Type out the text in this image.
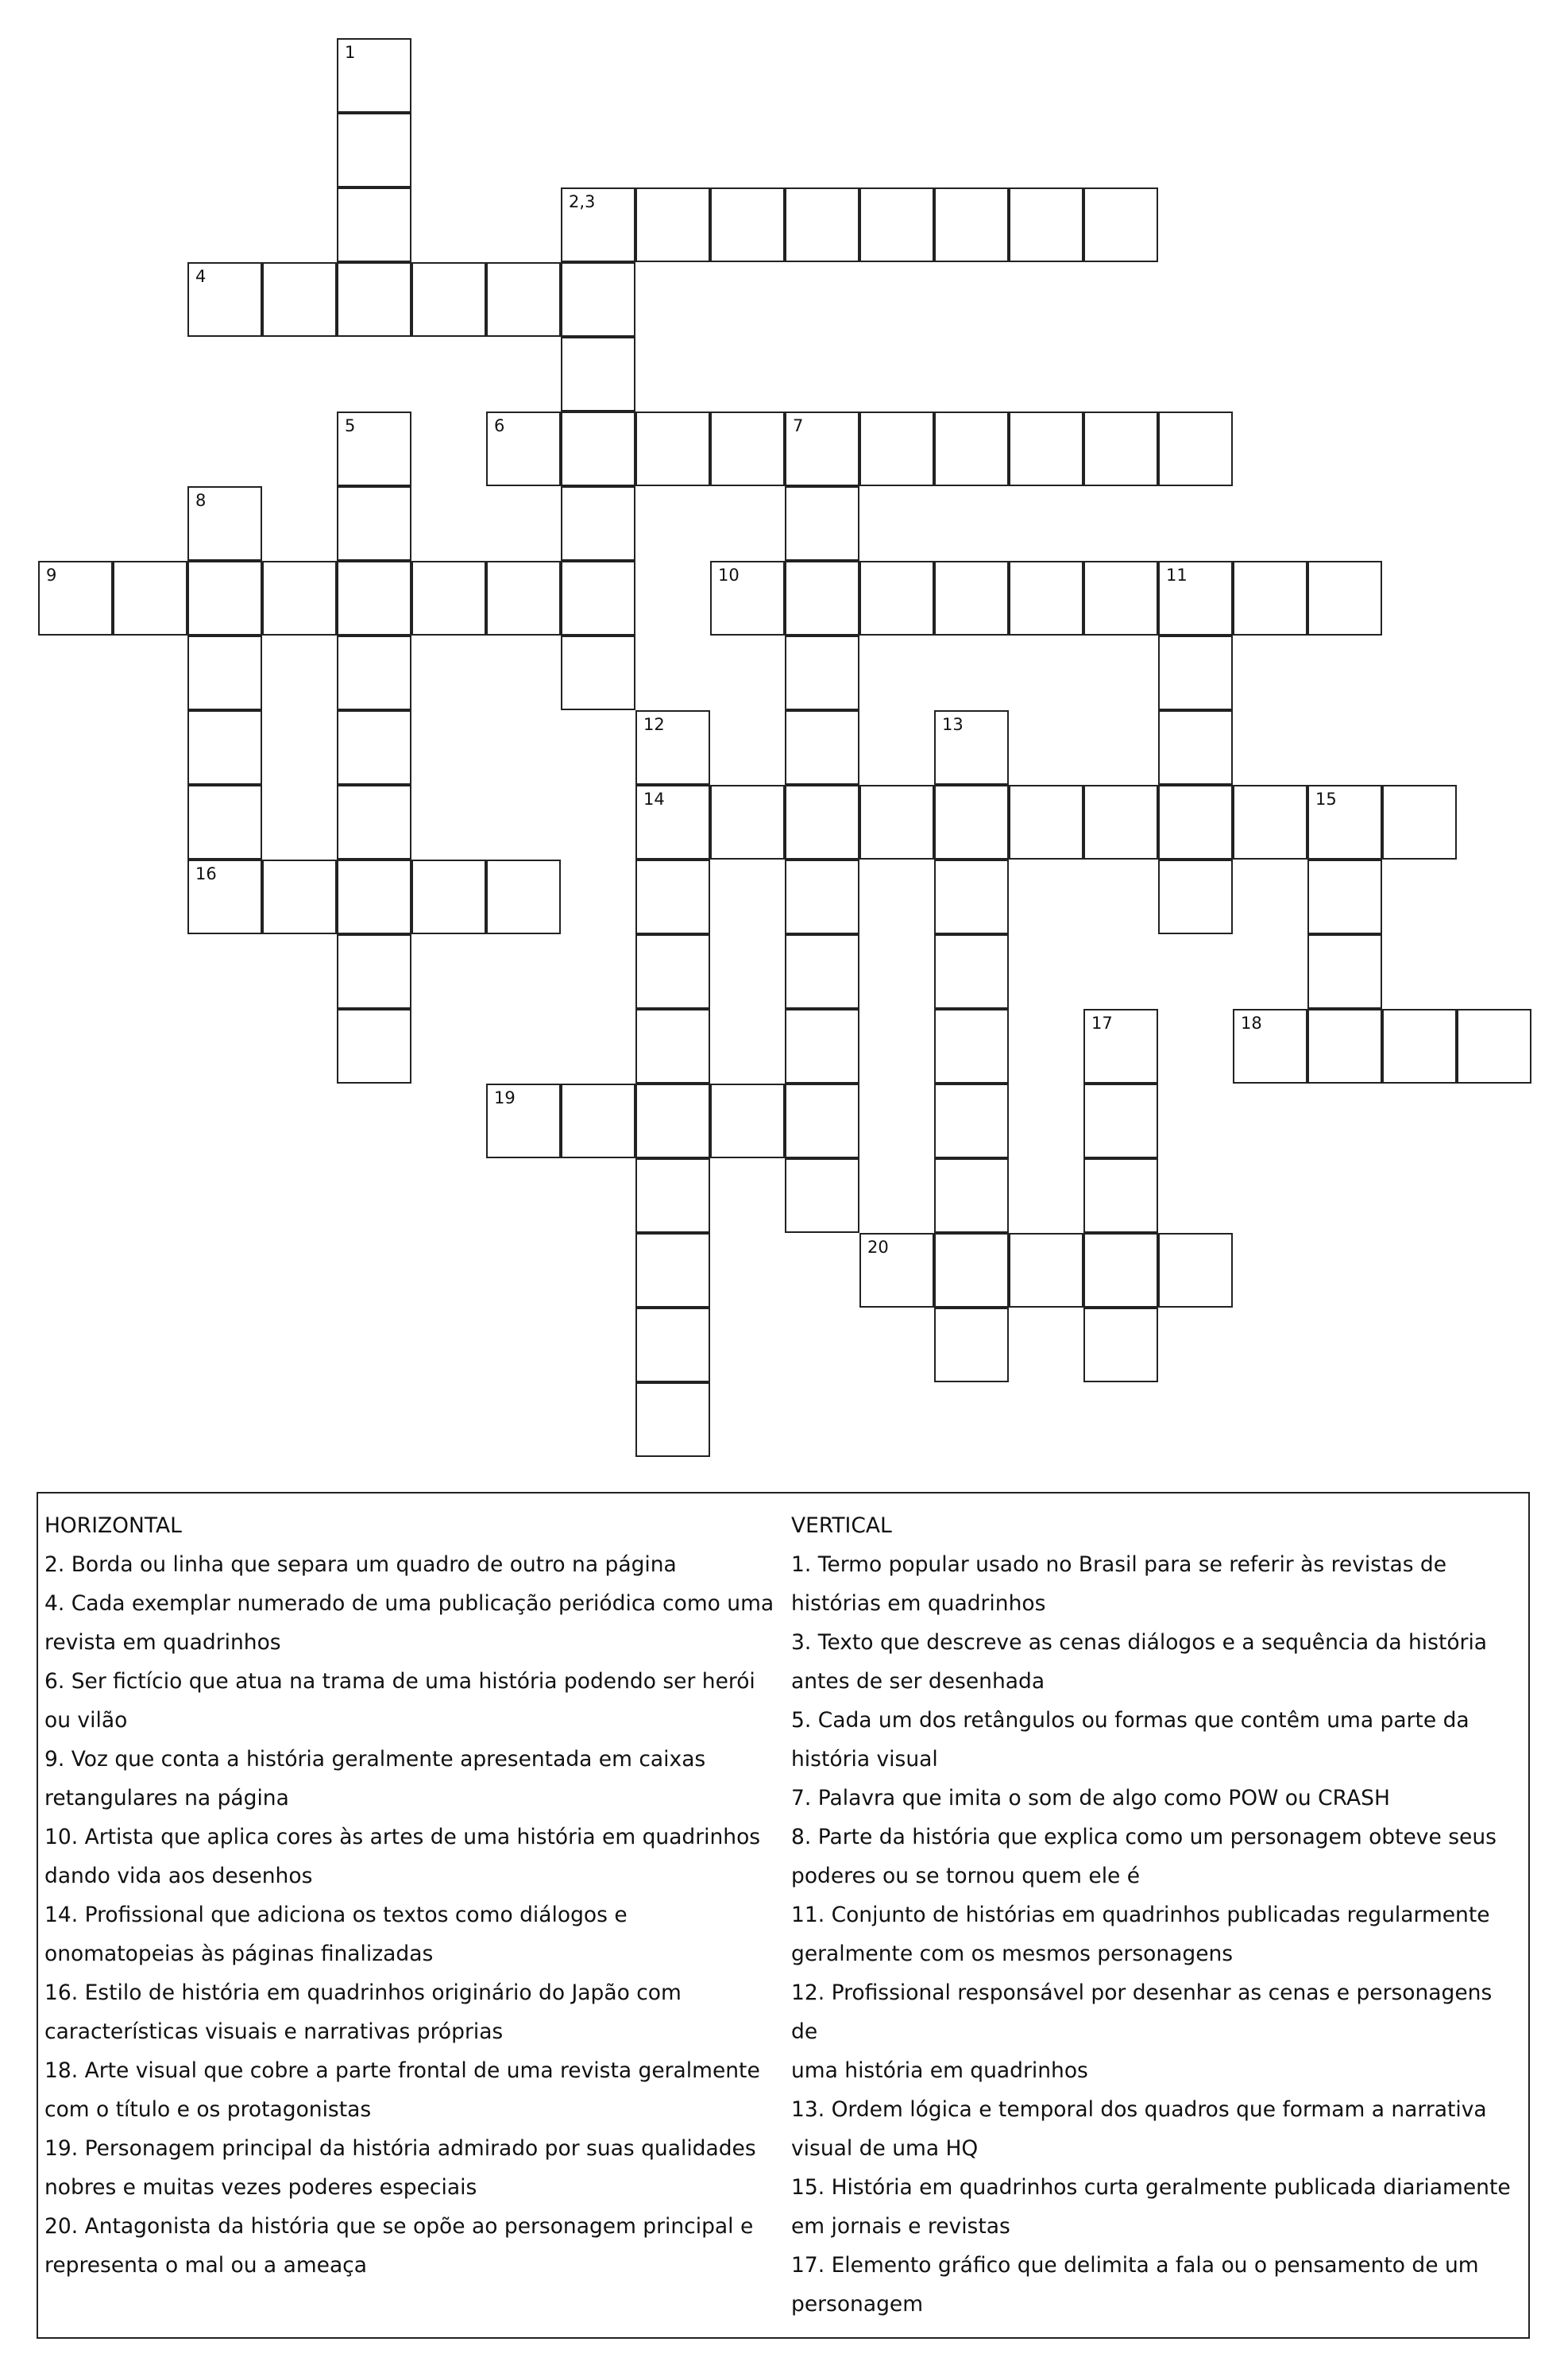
1
2,3
4
5	6	7
8
9	10	11
12
14
13
15
16
17	18
19
20

HORIZONTAL

2. Borda ou linha que separa um quadro de outro na página

4. Cada exemplar numerado de uma publicação periódica como uma

revista em quadrinhos

6. Ser fictício que atua na trama de uma história podendo ser herói

ou vilão

9. Voz que conta a história geralmente apresentada em caixas

retangulares na página

10. Artista que aplica cores às artes de uma história em quadrinhos

dando vida aos desenhos

14. Profissional que adiciona os textos como diálogos e

onomatopeias às páginas finalizadas

16. Estilo de história em quadrinhos originário do Japão com

características visuais e narrativas próprias

18. Arte visual que cobre a parte frontal de uma revista geralmente

com o título e os protagonistas

19. Personagem principal da história admirado por suas qualidades

nobres e muitas vezes poderes especiais

20. Antagonista da história que se opõe ao personagem principal e

representa o mal ou a ameaça

VERTICAL

1. Termo popular usado no Brasil para se referir às revistas de

histórias em quadrinhos

3. Texto que descreve as cenas diálogos e a sequência da história

antes de ser desenhada

5. Cada um dos retângulos ou formas que contêm uma parte da

história visual

7. Palavra que imita o som de algo como POW ou CRASH

8. Parte da história que explica como um personagem obteve seus

poderes ou se tornou quem ele é

11. Conjunto de histórias em quadrinhos publicadas regularmente

geralmente com os mesmos personagens

12. Profissional responsável por desenhar as cenas e personagens de

uma história em quadrinhos

13. Ordem lógica e temporal dos quadros que formam a narrativa

visual de uma HQ

15. História em quadrinhos curta geralmente publicada diariamente

em jornais e revistas

17. Elemento gráfico que delimita a fala ou o pensamento de um

personagem
